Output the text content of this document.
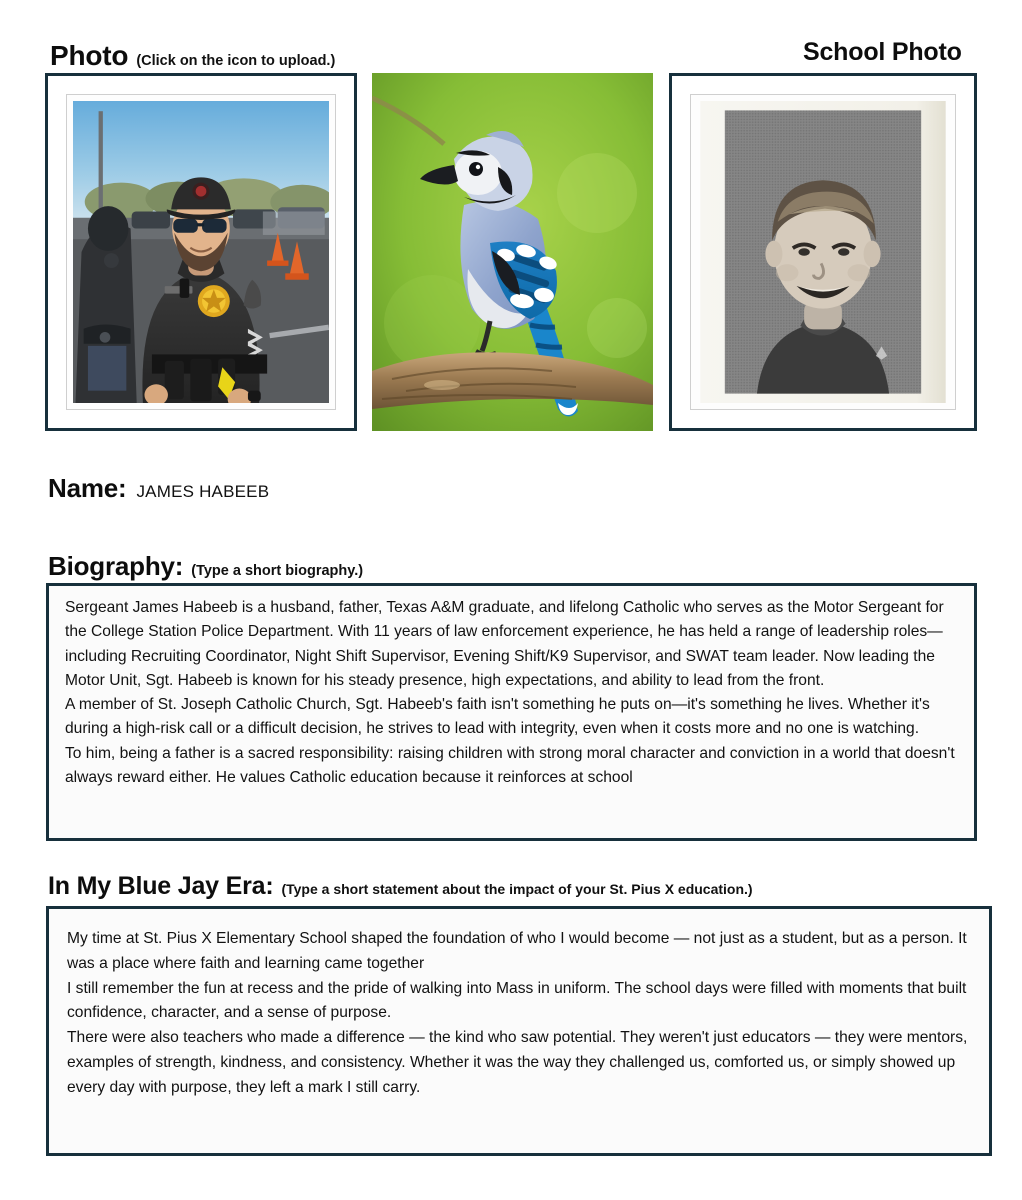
Photo (Click on the icon to upload.)	School Photo
Name: JAMES HABEEB
Biography: (Type a short biography.)

Sergeant James Habeeb is a husband, father, Texas A&M graduate, and lifelong Catholic who serves as the Motor Sergeant for the College Station Police Department. With 11 years of law enforcement experience, he has held a range of leadership roles—including Recruiting Coordinator, Night Shift Supervisor, Evening Shift/K9 Supervisor, and SWAT team leader. Now leading the Motor Unit, Sgt. Habeeb is known for his steady presence, high expectations, and ability to lead from the front.

A member of St. Joseph Catholic Church, Sgt. Habeeb's faith isn't something he puts on—it's something he lives. Whether it's during a high-risk call or a difficult decision, he strives to lead with integrity, even when it costs more and no one is watching.

To him, being a father is a sacred responsibility: raising children with strong moral character and conviction in a world that doesn't always reward either. He values Catholic education because it reinforces at school

In My Blue Jay Era: (Type a short statement about the impact of your St. Pius X education.)

My time at St. Pius X Elementary School shaped the foundation of who I would become — not just as a student, but as a person. It was a place where faith and learning came together

I still remember the fun at recess and the pride of walking into Mass in uniform. The school days were filled with moments that built confidence, character, and a sense of purpose.

There were also teachers who made a difference — the kind who saw potential. They weren't just educators — they were mentors, examples of strength, kindness, and consistency. Whether it was the way they challenged us, comforted us, or simply showed up every day with purpose, they left a mark I still carry.
